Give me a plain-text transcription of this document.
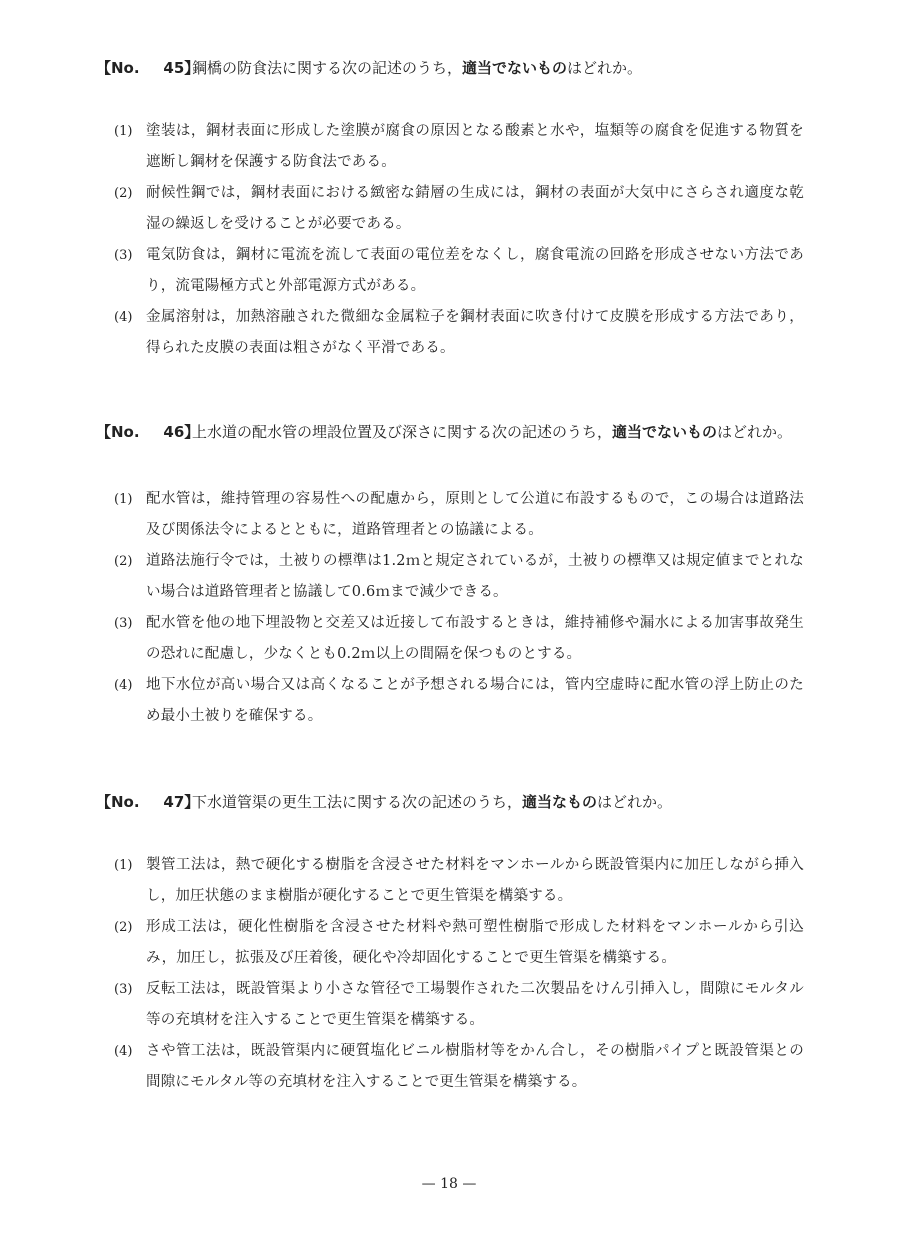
【No. 45】
鋼橋の防食法に関する次の記述のうち，適当でないものはどれか。
(1) 塗装は，鋼材表面に形成した塗膜が腐食の原因となる酸素と水や，塩類等の腐食を促進する物質を遮断し鋼材を保護する防食法である。
(2) 耐候性鋼では，鋼材表面における緻密な錆層の生成には，鋼材の表面が大気中にさらされ適度な乾湿の繰返しを受けることが必要である。
(3) 電気防食は，鋼材に電流を流して表面の電位差をなくし，腐食電流の回路を形成させない方法であり，流電陽極方式と外部電源方式がある。
(4) 金属溶射は，加熱溶融された微細な金属粒子を鋼材表面に吹き付けて皮膜を形成する方法であり，得られた皮膜の表面は粗さがなく平滑である。
【No. 46】
上水道の配水管の埋設位置及び深さに関する次の記述のうち，適当でないものはどれか。
(1) 配水管は，維持管理の容易性への配慮から，原則として公道に布設するもので，この場合は道路法及び関係法令によるとともに，道路管理者との協議による。
(2) 道路法施行令では，土被りの標準は1.2ｍと規定されているが，土被りの標準又は規定値までとれない場合は道路管理者と協議して0.6ｍまで減少できる。
(3) 配水管を他の地下埋設物と交差又は近接して布設するときは，維持補修や漏水による加害事故発生の恐れに配慮し，少なくとも0.2ｍ以上の間隔を保つものとする。
(4) 地下水位が高い場合又は高くなることが予想される場合には，管内空虚時に配水管の浮上防止のため最小土被りを確保する。
【No. 47】
下水道管渠の更生工法に関する次の記述のうち，適当なものはどれか。
(1) 製管工法は，熱で硬化する樹脂を含浸させた材料をマンホールから既設管渠内に加圧しながら挿入し，加圧状態のまま樹脂が硬化することで更生管渠を構築する。
(2) 形成工法は，硬化性樹脂を含浸させた材料や熱可塑性樹脂で形成した材料をマンホールから引込み，加圧し，拡張及び圧着後，硬化や冷却固化することで更生管渠を構築する。
(3) 反転工法は，既設管渠より小さな管径で工場製作された二次製品をけん引挿入し，間隙にモルタル等の充填材を注入することで更生管渠を構築する。
(4) さや管工法は，既設管渠内に硬質塩化ビニル樹脂材等をかん合し，その樹脂パイプと既設管渠との間隙にモルタル等の充填材を注入することで更生管渠を構築する。
— 18 —
